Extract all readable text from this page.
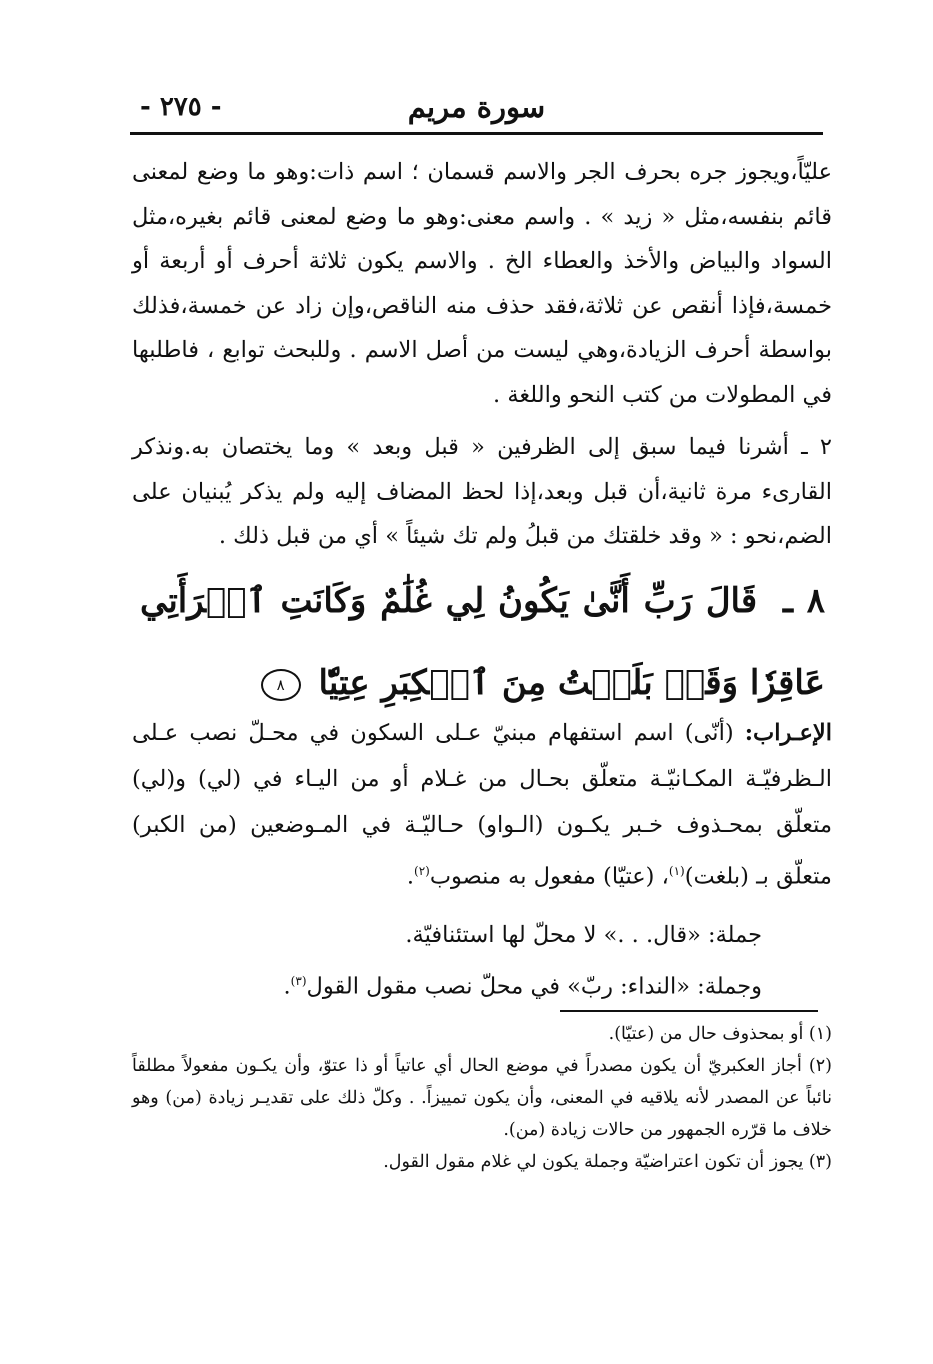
سورة مريم
- ٢٧٥ -

عليّاً،ويجوز جره بحرف الجر والاسم قسمان ؛ اسم ذات:وهو ما وضع لمعنى قائم بنفسه،مثل « زيد » . واسم معنى:وهو ما وضع لمعنى قائم بغيره،مثل السواد والبياض والأخذ والعطاء الخ . والاسم يكون ثلاثة أحرف أو أربعة أو خمسة،فإذا أنقص عن ثلاثة،فقد حذف منه الناقص،وإن زاد عن خمسة،فذلك بواسطة أحرف الزيادة،وهي ليست من أصل الاسم . وللبحث توابع ، فاطلبها في المطولات من كتب النحو واللغة .

٢ ـ أشرنا فيما سبق إلى الظرفين « قبل وبعد » وما يختصان به.ونذكر القارىء مرة ثانية،أن قبل وبعد،إذا لحظ المضاف إليه ولم يذكر يُبنيان على الضم،نحو : « وقد خلقتك من قبلُ ولم تك شيئاً » أي من قبل ذلك .

٨ ـ قَالَ رَبِّ أَنَّىٰ يَكُونُ لِي غُلَٰمٌ وَكَانَتِ ٱمۡرَأَتِي عَاقِرٗا وَقَدۡ بَلَغۡتُ مِنَ ٱلۡكِبَرِ عِتِيّٗا ٨

الإعـراب: (أنّى) اسم استفهام مبنيّ عـلى السكون في محـلّ نصب عـلى الـظرفيّـة المكـانيّـة متعلّق بحـال من غـلام أو من اليـاء في (لي) و(لي) متعلّق بمحـذوف خـبر يكـون (الـواو) حـاليّـة في المـوضعين (من الكبر) متعلّق بـ (بلغت)$^{(١)}$، (عتيّا) مفعول به منصوب$^{(٢)}$.

جملة: «قال. . .» لا محلّ لها استئنافيّة.

وجملة: «النداء: ربّ» في محلّ نصب مقول القول$^{(٣)}$.

(١) أو بمحذوف حال من (عتيّا).

(٢) أجاز العكبريّ أن يكون مصدراً في موضع الحال أي عاتياً أو ذا عتوّ، وأن يكـون مفعولاً مطلقاً نائباً عن المصدر لأنه يلاقيه في المعنى، وأن يكون تمييزاً. . وكلّ ذلك على تقديـر زيادة (من) وهو خلاف ما قرّره الجمهور من حالات زيادة (من).

(٣) يجوز أن تكون اعتراضيّة وجملة يكون لي غلام مقول القول.
